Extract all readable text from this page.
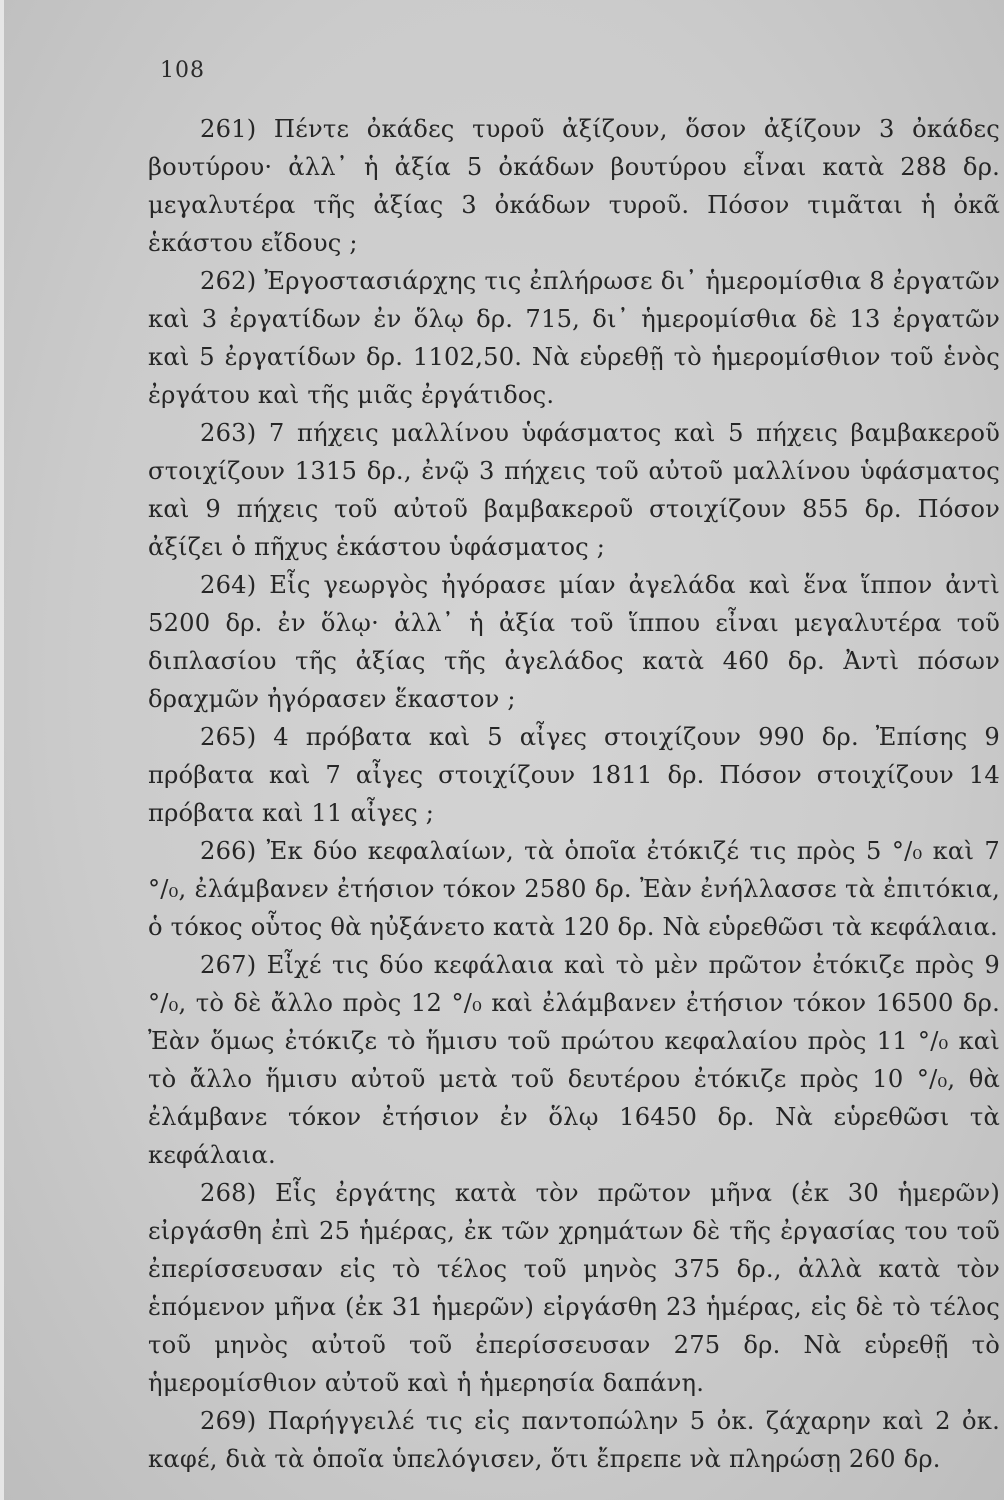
108

261) Πέντε ὀκάδες τυροῦ ἀξίζουν, ὅσον ἀξίζουν 3 ὀκάδες βουτύρου· ἀλλ᾽ ἡ ἀξία 5 ὀκάδων βουτύρου εἶναι κατὰ 288 δρ. μεγαλυτέρα τῆς ἀξίας 3 ὀκάδων τυροῦ. Πόσον τιμᾶται ἡ ὀκᾶ ἑκάστου εἴδους ;

262) Ἐργοστασιάρχης τις ἐπλήρωσε δι᾽ ἡμερομίσθια 8 ἐργατῶν καὶ 3 ἐργατίδων ἐν ὅλῳ δρ. 715, δι᾽ ἡμερομίσθια δὲ 13 ἐργατῶν καὶ 5 ἐργατίδων δρ. 1102,50. Νὰ εὑρεθῇ τὸ ἡμερομίσθιον τοῦ ἑνὸς ἐργάτου καὶ τῆς μιᾶς ἐργάτιδος.

263) 7 πήχεις μαλλίνου ὑφάσματος καὶ 5 πήχεις βαμβακεροῦ στοιχίζουν 1315 δρ., ἐνῷ 3 πήχεις τοῦ αὐτοῦ μαλλίνου ὑφάσματος καὶ 9 πήχεις τοῦ αὐτοῦ βαμβακεροῦ στοιχίζουν 855 δρ. Πόσον ἀξίζει ὁ πῆχυς ἑκάστου ὑφάσματος ;

264) Εἷς γεωργὸς ἠγόρασε μίαν ἀγελάδα καὶ ἕνα ἵππον ἀντὶ 5200 δρ. ἐν ὅλῳ· ἀλλ᾽ ἡ ἀξία τοῦ ἵππου εἶναι μεγαλυτέρα τοῦ διπλασίου τῆς ἀξίας τῆς ἀγελάδος κατὰ 460 δρ. Ἀντὶ πόσων δραχμῶν ἠγόρασεν ἕκαστον ;

265) 4 πρόβατα καὶ 5 αἶγες στοιχίζουν 990 δρ. Ἐπίσης 9 πρόβατα καὶ 7 αἶγες στοιχίζουν 1811 δρ. Πόσον στοιχίζουν 14 πρόβατα καὶ 11 αἶγες ;

266) Ἐκ δύο κεφαλαίων, τὰ ὁποῖα ἐτόκιζέ τις πρὸς 5 °/₀ καὶ 7 °/₀, ἐλάμβανεν ἐτήσιον τόκον 2580 δρ. Ἐὰν ἐνήλλασσε τὰ ἐπιτόκια, ὁ τόκος οὗτος θὰ ηὐξάνετο κατὰ 120 δρ. Νὰ εὑρεθῶσι τὰ κεφάλαια.

267) Εἶχέ τις δύο κεφάλαια καὶ τὸ μὲν πρῶτον ἐτόκιζε πρὸς 9 °/₀, τὸ δὲ ἄλλο πρὸς 12 °/₀ καὶ ἐλάμβανεν ἐτήσιον τόκον 16500 δρ. Ἐὰν ὅμως ἐτόκιζε τὸ ἥμισυ τοῦ πρώτου κεφαλαίου πρὸς 11 °/₀ καὶ τὸ ἄλλο ἥμισυ αὐτοῦ μετὰ τοῦ δευτέρου ἐτόκιζε πρὸς 10 °/₀, θὰ ἐλάμβανε τόκον ἐτήσιον ἐν ὅλῳ 16450 δρ. Νὰ εὑρεθῶσι τὰ κεφάλαια.

268) Εἷς ἐργάτης κατὰ τὸν πρῶτον μῆνα (ἐκ 30 ἡμερῶν) εἰργάσθη ἐπὶ 25 ἡμέρας, ἐκ τῶν χρημάτων δὲ τῆς ἐργασίας του τοῦ ἐπερίσσευσαν εἰς τὸ τέλος τοῦ μηνὸς 375 δρ., ἀλλὰ κατὰ τὸν ἑπόμενον μῆνα (ἐκ 31 ἡμερῶν) εἰργάσθη 23 ἡμέρας, εἰς δὲ τὸ τέλος τοῦ μηνὸς αὐτοῦ τοῦ ἐπερίσσευσαν 275 δρ. Νὰ εὑρεθῇ τὸ ἡμερομίσθιον αὐτοῦ καὶ ἡ ἡμερησία δαπάνη.

269) Παρήγγειλέ τις εἰς παντοπώλην 5 ὀκ. ζάχαρην καὶ 2 ὀκ. καφέ, διὰ τὰ ὁποῖα ὑπελόγισεν, ὅτι ἔπρεπε νὰ πληρώσῃ 260 δρ.
